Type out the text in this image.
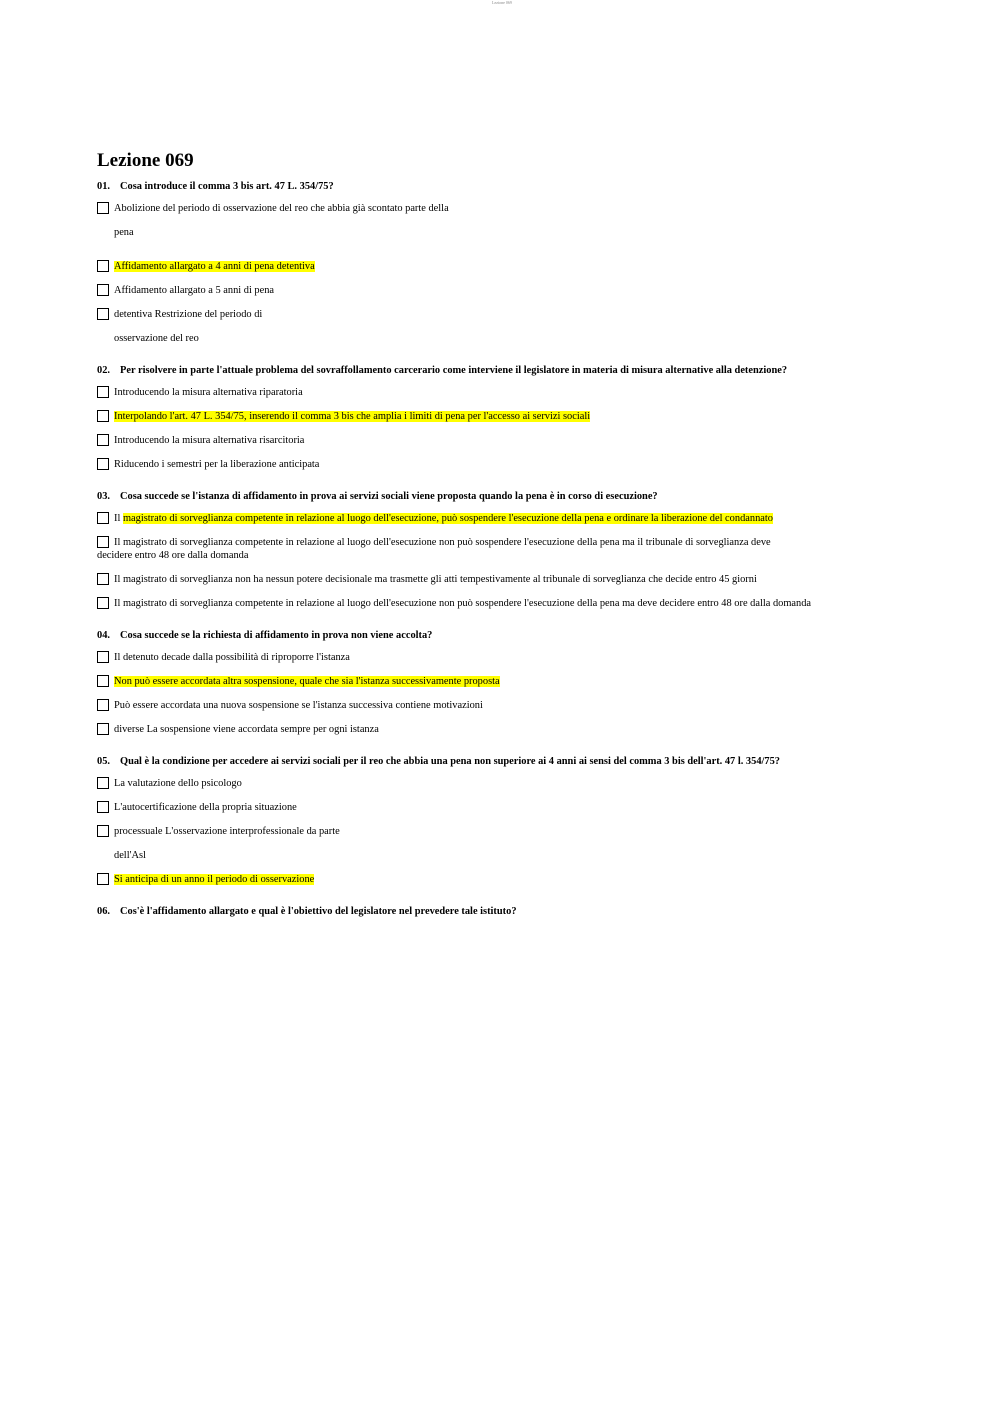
Lezione 069
Lezione 069
01. Cosa introduce il comma 3 bis art. 47 L. 354/75?
Abolizione del periodo di osservazione del reo che abbia già scontato parte della
pena
Affidamento allargato a 4 anni di pena detentiva
Affidamento allargato a 5 anni di pena
detentiva Restrizione del periodo di
osservazione del reo
02. Per risolvere in parte l'attuale problema del sovraffollamento carcerario come interviene il legislatore in materia di misura alternative alla detenzione?
Introducendo la misura alternativa riparatoria
Interpolando l'art. 47 L. 354/75, inserendo il comma 3 bis che amplia i limiti di pena per l'accesso ai servizi sociali
Introducendo la misura alternativa risarcitoria
Riducendo i semestri per la liberazione anticipata
03. Cosa succede se l'istanza di affidamento in prova ai servizi sociali viene proposta quando la pena è in corso di esecuzione?
Il magistrato di sorveglianza competente in relazione al luogo dell'esecuzione, può sospendere l'esecuzione della pena e ordinare la liberazione del condannato
Il magistrato di sorveglianza competente in relazione al luogo dell'esecuzione non può sospendere l'esecuzione della pena ma il tribunale di sorveglianza deve
decidere entro 48 ore dalla domanda
Il magistrato di sorveglianza non ha nessun potere decisionale ma trasmette gli atti tempestivamente al tribunale di sorveglianza che decide entro 45 giorni
Il magistrato di sorveglianza competente in relazione al luogo dell'esecuzione non può sospendere l'esecuzione della pena ma deve decidere entro 48 ore dalla domanda
04. Cosa succede se la richiesta di affidamento in prova non viene accolta?
Il detenuto decade dalla possibilità di riproporre l'istanza
Non può essere accordata altra sospensione, quale che sia l'istanza successivamente proposta
Può essere accordata una nuova sospensione se l'istanza successiva contiene motivazioni
diverse La sospensione viene accordata sempre per ogni istanza
05. Qual è la condizione per accedere ai servizi sociali per il reo che abbia una pena non superiore ai 4 anni ai sensi del comma 3 bis dell'art. 47 l. 354/75?
La valutazione dello psicologo
L'autocertificazione della propria situazione
processuale L'osservazione interprofessionale da parte
dell'Asl
Si anticipa di un anno il periodo di osservazione
06. Cos'è l'affidamento allargato e qual è l'obiettivo del legislatore nel prevedere tale istituto?
